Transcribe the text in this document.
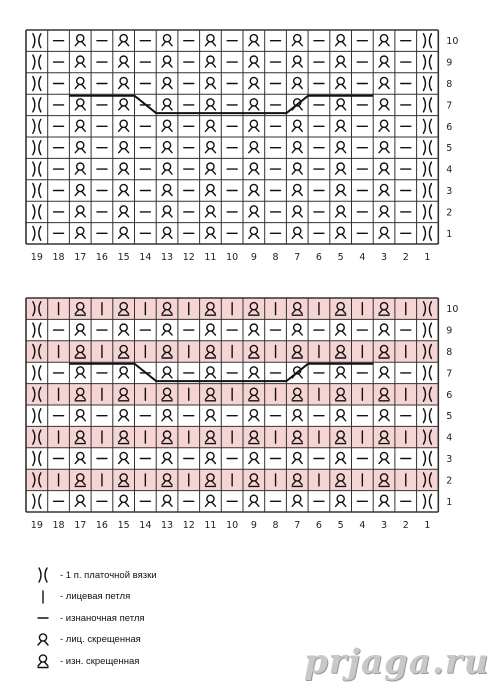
19 18 17 16 15 14 13 12 11 10 9 8 7 6 5 4 3 2 1
10
9
8
7
6
5
4
3
2
1
19 18 17 16 15 14 13 12 11 10 9 8 7 6 5 4 3 2 1
10
9
8
7
6
5
4
3
2
1
- 1 п. платочной вязки
- лицевая петля
- изнаночная петля
- лиц. скрещенная
- изн. скрещенная	prjaga.ru
